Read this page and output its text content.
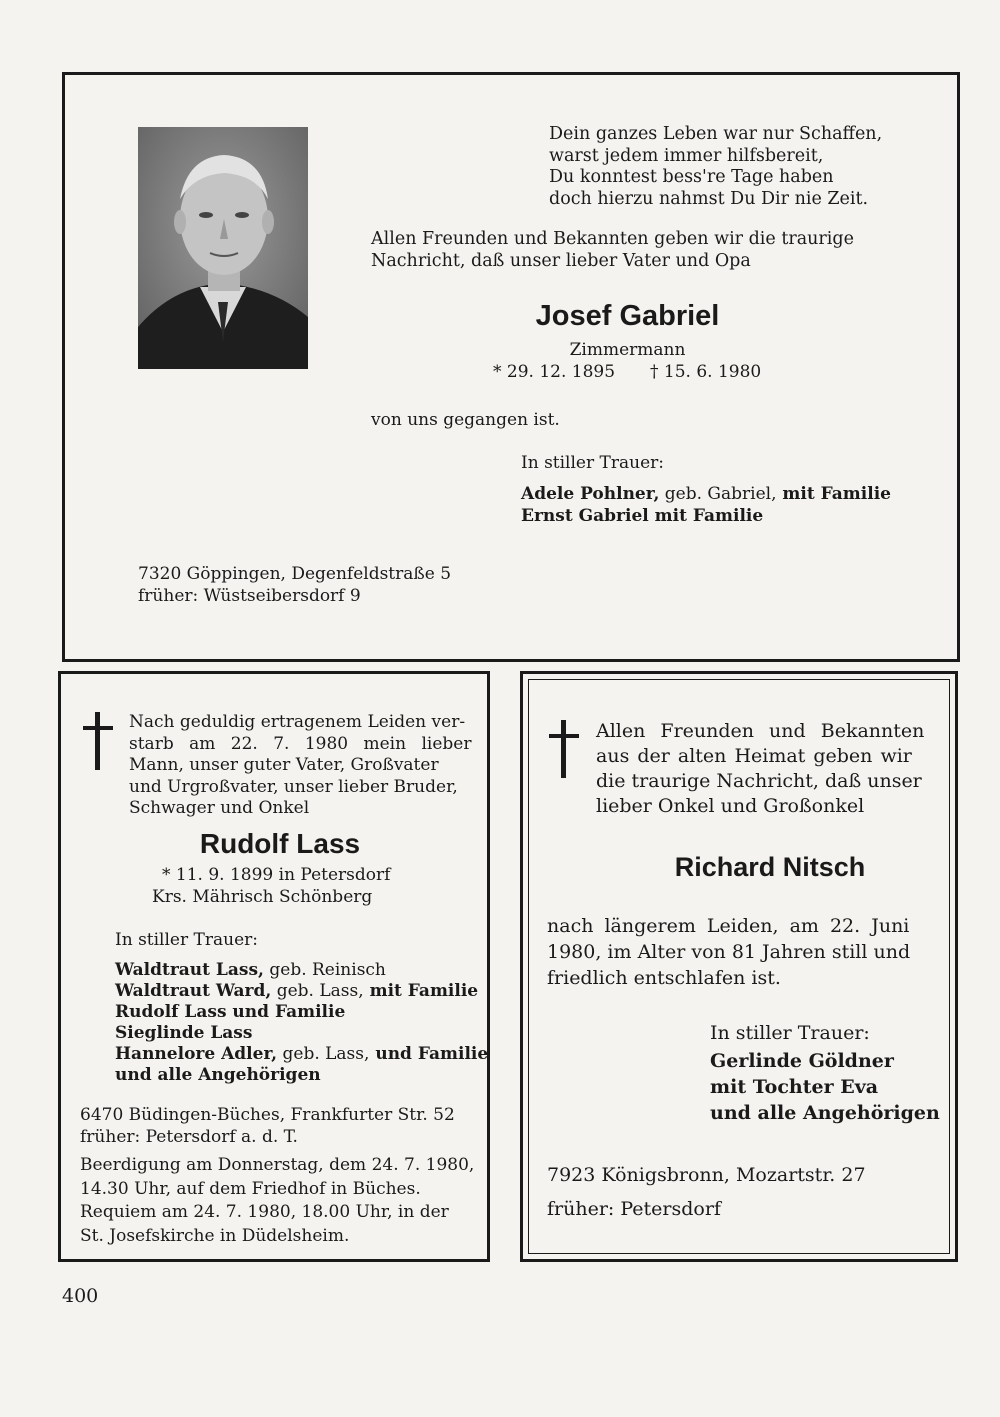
Dein ganzes Leben war nur Schaffen,
warst jedem immer hilfsbereit,
Du konntest bess're Tage haben
doch hierzu nahmst Du Dir nie Zeit.
Allen Freunden und Bekannten geben wir die traurige
Nachricht, daß unser lieber Vater und Opa
Josef Gabriel
Zimmermann
* 29. 12. 1895 † 15. 6. 1980
von uns gegangen ist.
In stiller Trauer:
Adele Pohlner, geb. Gabriel, mit Familie
Ernst Gabriel mit Familie
7320 Göppingen, Degenfeldstraße 5
früher: Wüstseibersdorf 9
Nach geduldig ertragenem Leiden ver-
starb am 22. 7. 1980 mein lieber
Mann, unser guter Vater, Großvater
und Urgroßvater, unser lieber Bruder,
Schwager und Onkel
Rudolf Lass
* 11. 9. 1899 in Petersdorf
Krs. Mährisch Schönberg
In stiller Trauer:
Waldtraut Lass, geb. Reinisch
Waldtraut Ward, geb. Lass, mit Familie
Rudolf Lass und Familie
Sieglinde Lass
Hannelore Adler, geb. Lass, und Familie
und alle Angehörigen
6470 Büdingen-Büches, Frankfurter Str. 52
früher: Petersdorf a. d. T.
Beerdigung am Donnerstag, dem 24. 7. 1980,
14.30 Uhr, auf dem Friedhof in Büches.
Requiem am 24. 7. 1980, 18.00 Uhr, in der
St. Josefskirche in Düdelsheim.
Allen Freunden und Bekannten
aus der alten Heimat geben wir
die traurige Nachricht, daß unser
lieber Onkel und Großonkel
Richard Nitsch
nach längerem Leiden, am 22. Juni
1980, im Alter von 81 Jahren still und
friedlich entschlafen ist.
In stiller Trauer:
Gerlinde Göldner
mit Tochter Eva
und alle Angehörigen
7923 Königsbronn, Mozartstr. 27
früher: Petersdorf
400
